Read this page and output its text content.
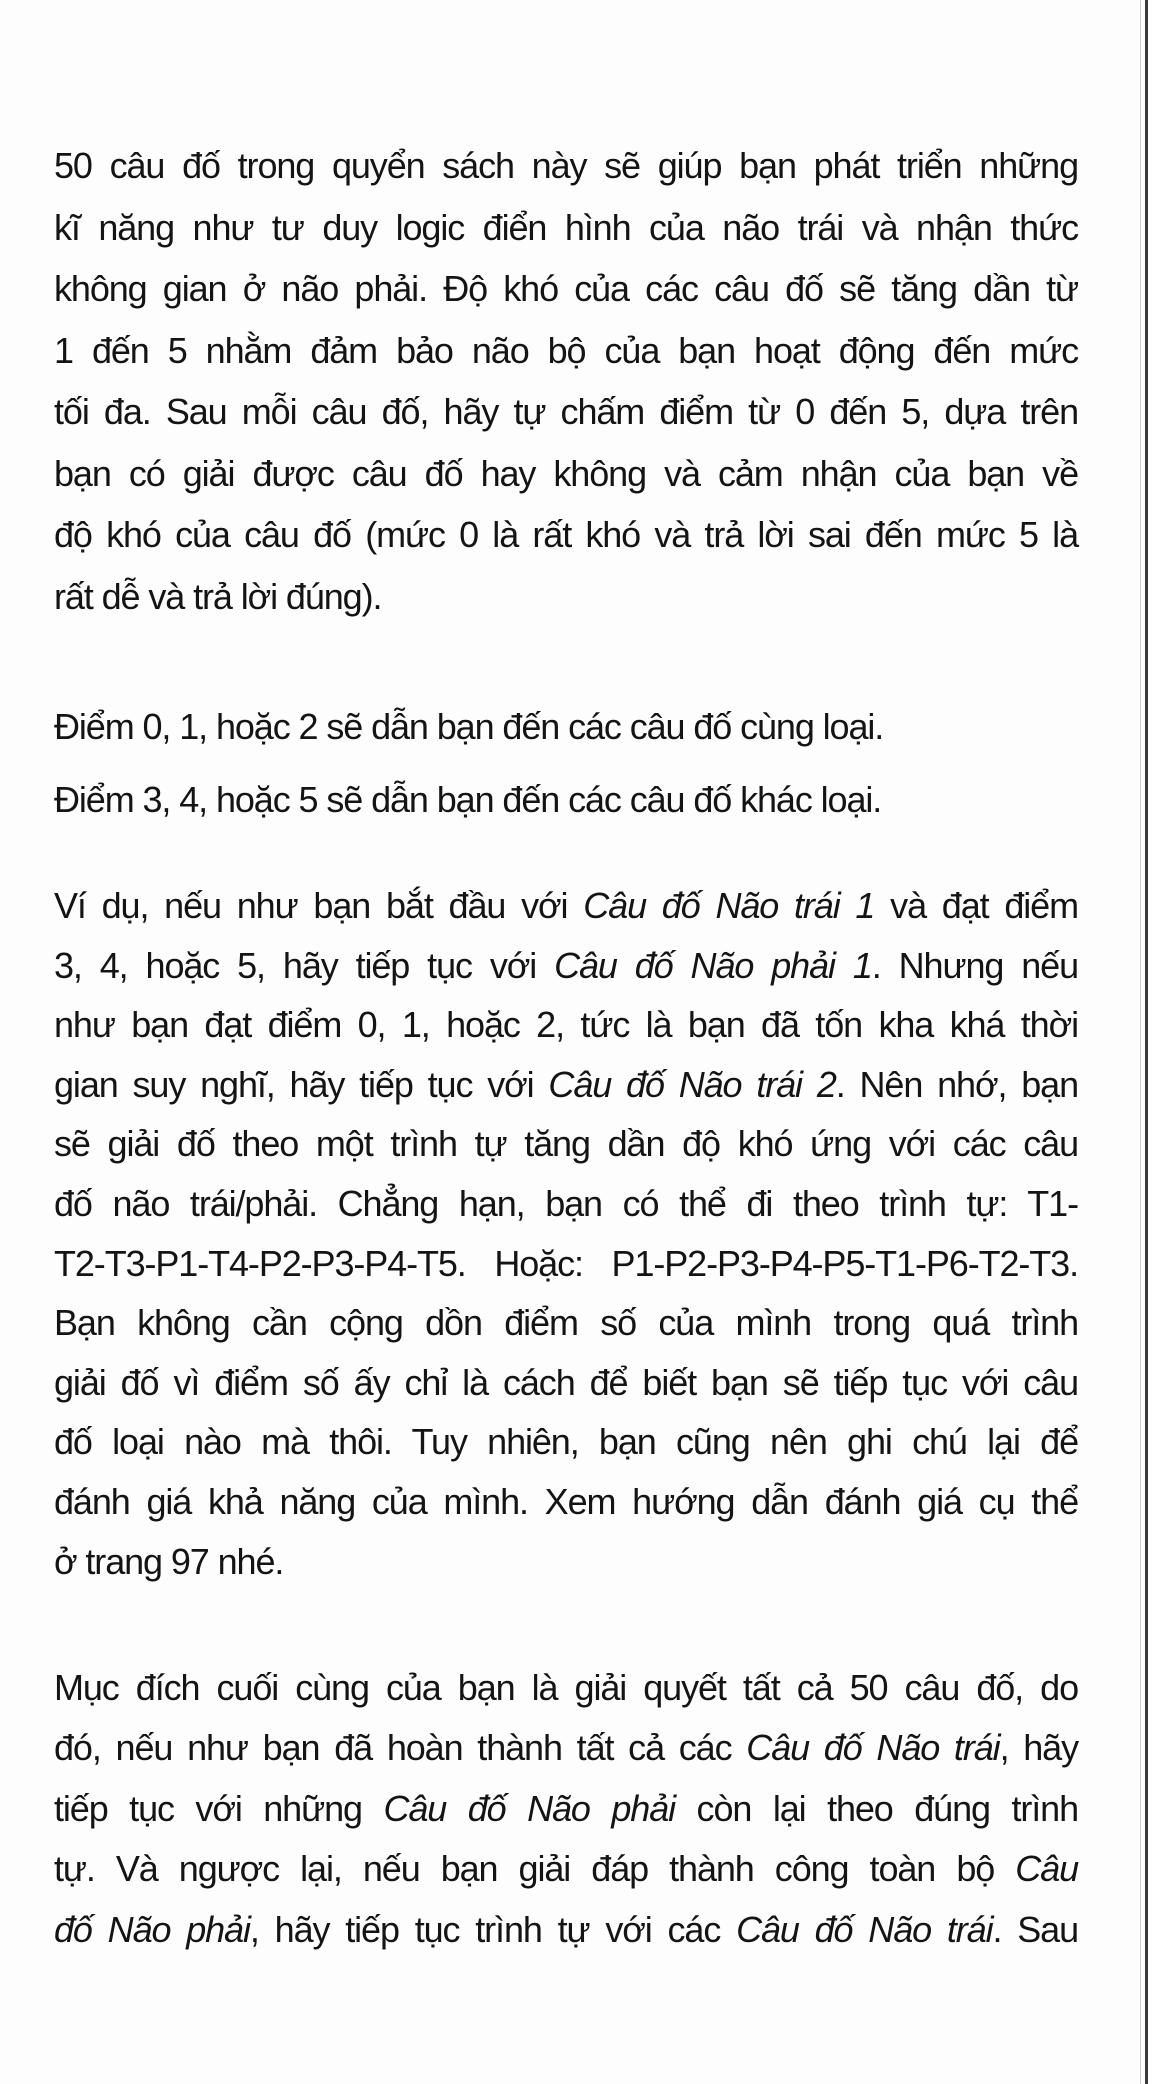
50 câu đố trong quyển sách này sẽ giúp bạn phát triển những
kĩ năng như tư duy logic điển hình của não trái và nhận thức
không gian ở não phải. Độ khó của các câu đố sẽ tăng dần từ
1 đến 5 nhằm đảm bảo não bộ của bạn hoạt động đến mức
tối đa. Sau mỗi câu đố, hãy tự chấm điểm từ 0 đến 5, dựa trên
bạn có giải được câu đố hay không và cảm nhận của bạn về
độ khó của câu đố (mức 0 là rất khó và trả lời sai đến mức 5 là
rất dễ và trả lời đúng).
Điểm 0, 1, hoặc 2 sẽ dẫn bạn đến các câu đố cùng loại.
Điểm 3, 4, hoặc 5 sẽ dẫn bạn đến các câu đố khác loại.
Ví dụ, nếu như bạn bắt đầu với Câu đố Não trái 1 và đạt điểm
3, 4, hoặc 5, hãy tiếp tục với Câu đố Não phải 1. Nhưng nếu
như bạn đạt điểm 0, 1, hoặc 2, tức là bạn đã tốn kha khá thời
gian suy nghĩ, hãy tiếp tục với Câu đố Não trái 2. Nên nhớ, bạn
sẽ giải đố theo một trình tự tăng dần độ khó ứng với các câu
đố não trái/phải. Chẳng hạn, bạn có thể đi theo trình tự: T1-
T2-T3-P1-T4-P2-P3-P4-T5. Hoặc: P1-P2-P3-P4-P5-T1-P6-T2-T3.
Bạn không cần cộng dồn điểm số của mình trong quá trình
giải đố vì điểm số ấy chỉ là cách để biết bạn sẽ tiếp tục với câu
đố loại nào mà thôi. Tuy nhiên, bạn cũng nên ghi chú lại để
đánh giá khả năng của mình. Xem hướng dẫn đánh giá cụ thể
ở trang 97 nhé.
Mục đích cuối cùng của bạn là giải quyết tất cả 50 câu đố, do
đó, nếu như bạn đã hoàn thành tất cả các Câu đố Não trái, hãy
tiếp tục với những Câu đố Não phải còn lại theo đúng trình
tự. Và ngược lại, nếu bạn giải đáp thành công toàn bộ Câu
đố Não phải, hãy tiếp tục trình tự với các Câu đố Não trái. Sau
